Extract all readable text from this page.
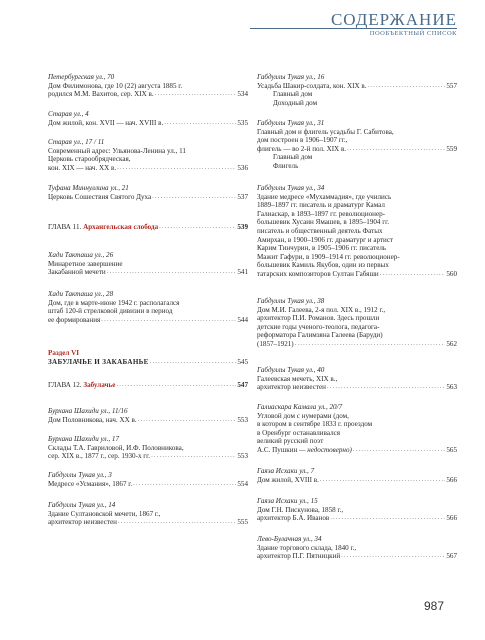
СОДЕРЖАНИЕ
ПООБЪЕКТНЫЙ СПИСОК
Петербургская ул., 70
Дом Филимонова, где 10 (22) августа 1885 г.
родился М.М. Вахитов, сер. XIX в. .....	534
Старая ул., 4
Дом жилой, кон. XVII — нач. XVIII в. .....	535
Старая ул., 17 / 11
Современный адрес: Ульянова-Ленина ул., 11
Церковь старообрядческая,
кон. XIX — нач. XX в. .....	536
Туфана Миннуллина ул., 21
Церковь Сошествия Святого Духа .....	537
ГЛАВА 11. Архангельская слобода .....	539
Хади Такташа ул., 26
Минаретное завершение
Закабанной мечети .....	541
Хади Такташа ул., 28
Дом, где в марте-июне 1942 г. располагался
штаб 120-й стрелковой дивизии в период
ее формирования .....	544
Раздел VI
ЗАБУЛАЧЬЕ И ЗАКАБАНЬЕ .....	545
ГЛАВА 12. Забулачье .....	547
Бурхана Шахиди ул., 11/16
Дом Половникова, нач. XX в. .....	553
Бурхана Шахиди ул., 17
Склады Т.А. Гавриловой, И.Ф. Половникова,
сер. XIX в., 1877 г., сер. 1930-х гг. .....	553
Габдуллы Тукая ул., 3
Медресе «Усмания», 1867 г. .....	554
Габдуллы Тукая ул., 14
Здание Султановской мечети, 1867 г.,
архитектор неизвестен .....	555
Габдуллы Тукая ул., 16
Усадьба Шакир-солдата, кон. XIX в. .....	557
Главный дом
Доходный дом
Габдуллы Тукая ул., 31
Главный дом и флигель усадьбы Г. Сабитова,
дом построен в 1906–1907 гг.,
флигель — во 2-й пол. XIX в. .....	559
Главный дом
Флигель
Габдуллы Тукая ул., 34
Здание медресе «Мухаммадия», где учились
1889–1897 гг. писатель и драматург Камал
Галиаскар, в 1893–1897 гг. революционер-
большевик Хусаин Ямашев, в 1895–1904 гг.
писатель и общественный деятель Фатых
Амирхан, в 1900–1906 гг. драматург и артист
Карим Тинчурин, в 1905–1906 гг. писатель
Мажит Гафури, в 1909–1914 гг. революционер-
большевик Камиль Якубов, один из первых
татарских композиторов Султан Габяши .....	560
Габдуллы Тукая ул., 38
Дом М.И. Галеева, 2-я пол. XIX в., 1912 г.,
архитектор П.И. Романов. Здесь прошли
детские годы ученого-теолога, педагога-
реформатора Галимзяна Галеева (Баруди)
(1857–1921) .....	562
Габдуллы Тукая ул., 40
Галеевская мечеть, XIX в.,
архитектор неизвестен .....	563
Галиаскара Камала ул., 20/7
Угловой дом с нумерами (дом,
в котором в сентябре 1833 г. проездом
в Оренбург останавливался
великий русский поэт
А.С. Пушкин — недостоверно) .....	565
Гаяза Исхаки ул., 7
Дом жилой, XVIII в. .....	566
Гаяза Исхаки ул., 15
Дом Г.Н. Пискунова, 1858 г.,
архитектор Б.А. Иванов .....	566
Лево-Булачная ул., 34
Здание торгового склада, 1840 г.,
архитектор П.Г. Пятницкий .....	567
987
